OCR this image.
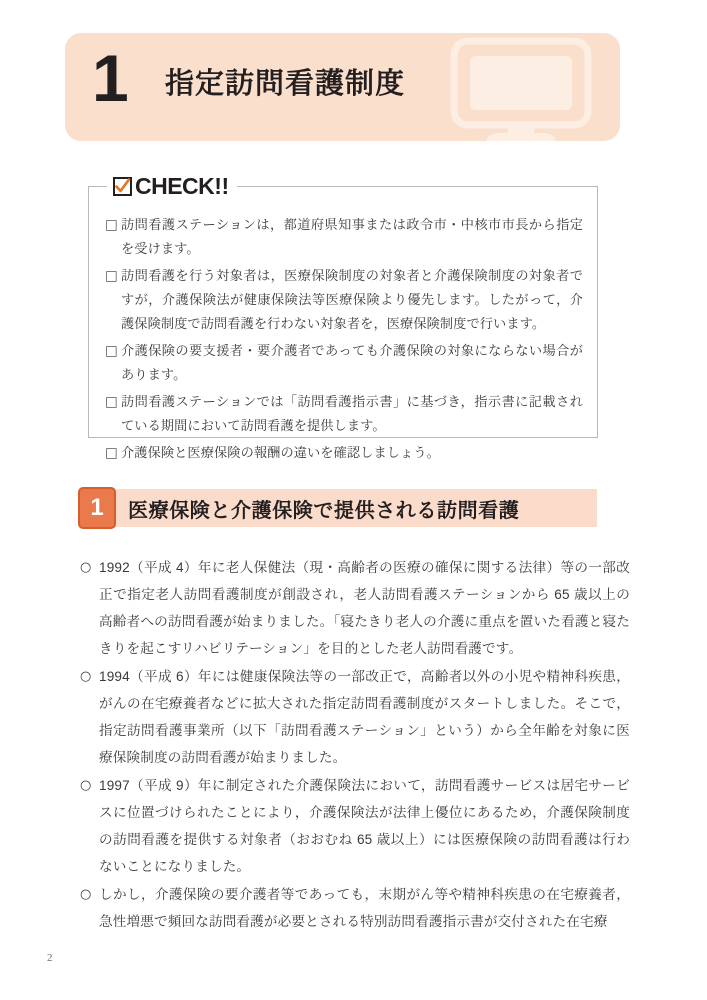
1 指定訪問看護制度
CHECK!!
□ 訪問看護ステーションは，都道府県知事または政令市・中核市市長から指定を受けます。
□ 訪問看護を行う対象者は，医療保険制度の対象者と介護保険制度の対象者ですが，介護保険法が健康保険法等医療保険より優先します。したがって，介護保険制度で訪問看護を行わない対象者を，医療保険制度で行います。
□ 介護保険の要支援者・要介護者であっても介護保険の対象にならない場合があります。
□ 訪問看護ステーションでは「訪問看護指示書」に基づき，指示書に記載されている期間において訪問看護を提供します。
□ 介護保険と医療保険の報酬の違いを確認しましょう。
1	医療保険と介護保険で提供される訪問看護
○ 1992（平成 4）年に老人保健法（現・高齢者の医療の確保に関する法律）等の一部改正で指定老人訪問看護制度が創設され，老人訪問看護ステーションから 65 歳以上の高齢者への訪問看護が始まりました。「寝たきり老人の介護に重点を置いた看護と寝たきりを起こすリハビリテーション」を目的とした老人訪問看護です。
○ 1994（平成 6）年には健康保険法等の一部改正で，高齢者以外の小児や精神科疾患，がんの在宅療養者などに拡大された指定訪問看護制度がスタートしました。そこで，指定訪問看護事業所（以下「訪問看護ステーション」という）から全年齢を対象に医療保険制度の訪問看護が始まりました。
○ 1997（平成 9）年に制定された介護保険法において，訪問看護サービスは居宅サービスに位置づけられたことにより，介護保険法が法律上優位にあるため，介護保険制度の訪問看護を提供する対象者（おおむね 65 歳以上）には医療保険の訪問看護は行わないことになりました。
○ しかし，介護保険の要介護者等であっても，末期がん等や精神科疾患の在宅療養者，急性増悪で頻回な訪問看護が必要とされる特別訪問看護指示書が交付された在宅療
2
